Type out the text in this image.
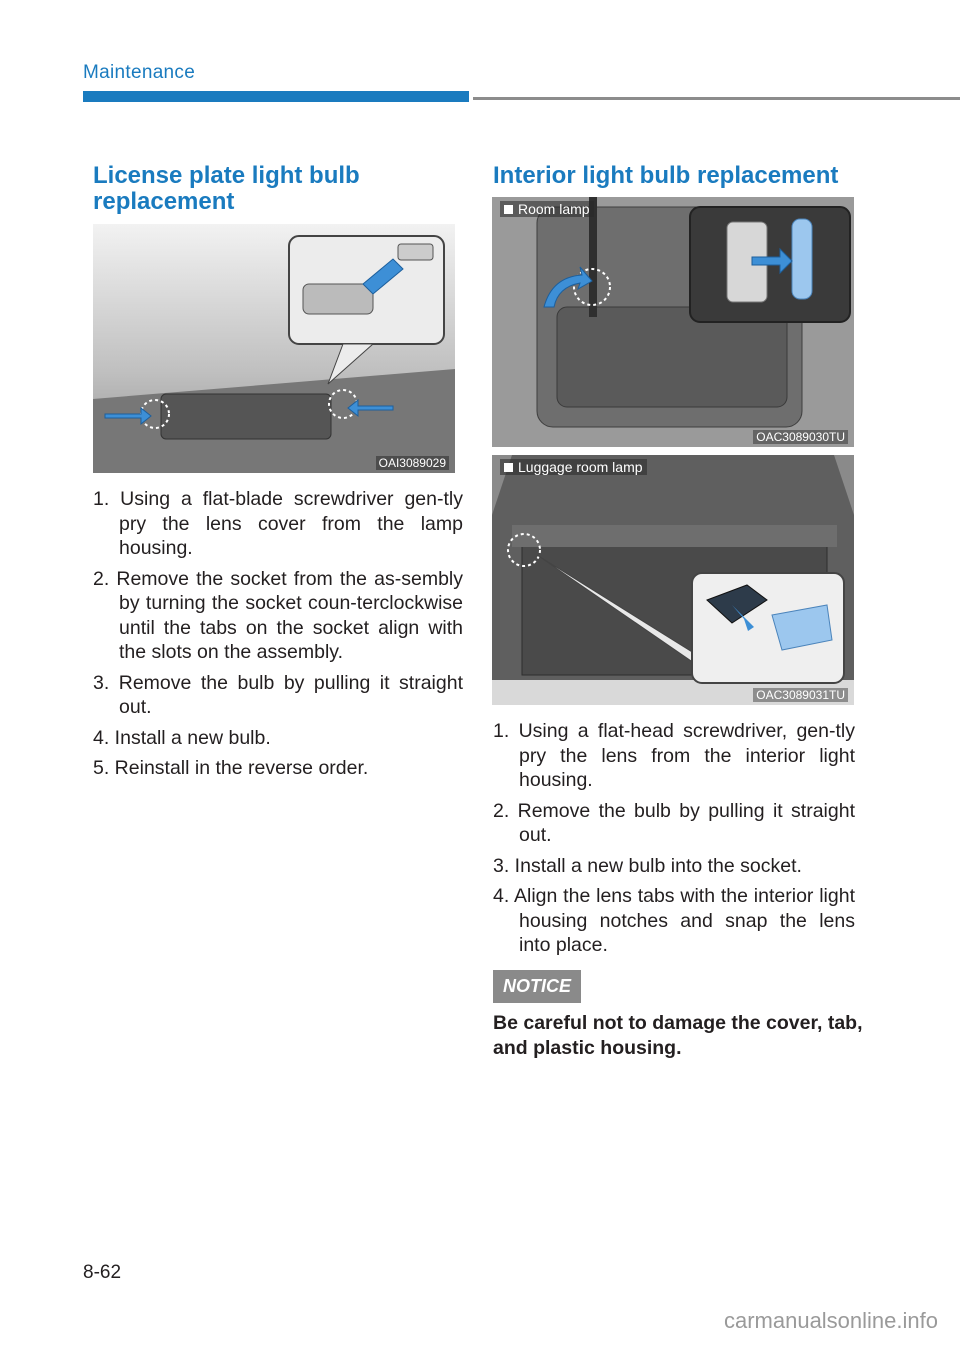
Maintenance
License plate light bulb
replacement
OAI3089029
1. Using a flat-blade screwdriver gen-tly pry the lens cover from the lamp housing.
2. Remove the socket from the as-sembly by turning the socket coun-terclockwise until the tabs on the socket align with the slots on the assembly.
3. Remove the bulb by pulling it straight out.
4. Install a new bulb.
5. Reinstall in the reverse order.
Interior light bulb replacement
Room lamp
OAC3089030TU
Luggage room lamp
OAC3089031TU
1. Using a flat-head screwdriver, gen-tly pry the lens from the interior light housing.
2. Remove the bulb by pulling it straight out.
3. Install a new bulb into the socket.
4. Align the lens tabs with the interior light housing notches and snap the lens into place.
NOTICE
Be careful not to damage the cover, tab, and plastic housing.
8-62
carmanualsonline.info
